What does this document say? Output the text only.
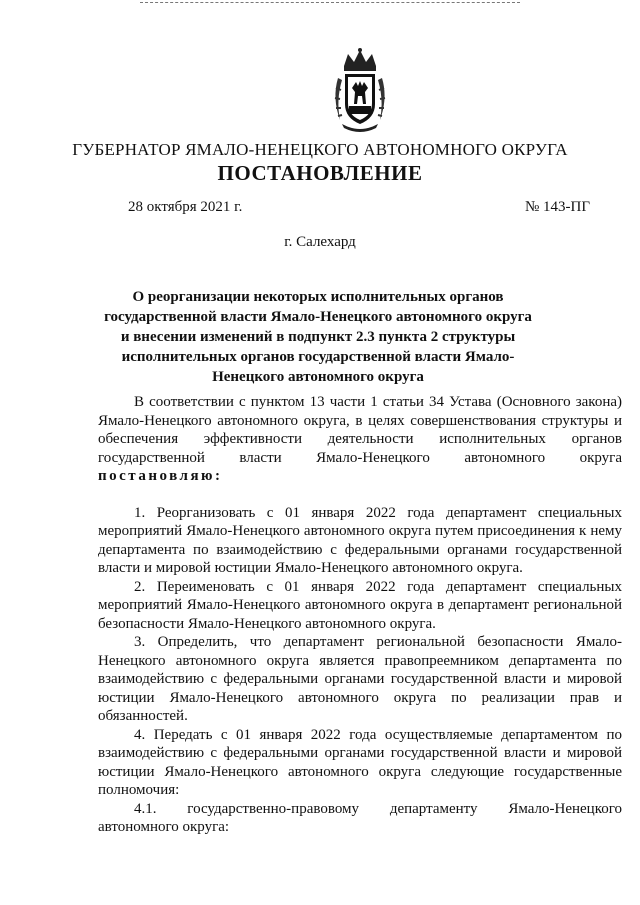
ГУБЕРНАТОР ЯМАЛО-НЕНЕЦКОГО АВТОНОМНОГО ОКРУГА
ПОСТАНОВЛЕНИЕ
28 октября 2021 г.	№ 143-ПГ
г. Салехард
О реорганизации некоторых исполнительных органов государственной власти Ямало-Ненецкого автономного округа и внесении изменений в подпункт 2.3 пункта 2 структуры исполнительных органов государственной власти Ямало-Ненецкого автономного округа

В соответствии с пунктом 13 части 1 статьи 34 Устава (Основного закона) Ямало-Ненецкого автономного округа, в целях совершенствования структуры и обеспечения эффективности деятельности исполнительных органов государственной власти Ямало-Ненецкого автономного округа постановляю:

1. Реорганизовать с 01 января 2022 года департамент специальных мероприятий Ямало-Ненецкого автономного округа путем присоединения к нему департамента по взаимодействию с федеральными органами государственной власти и мировой юстиции Ямало-Ненецкого автономного округа.

2. Переименовать с 01 января 2022 года департамент специальных мероприятий Ямало-Ненецкого автономного округа в департамент региональной безопасности Ямало-Ненецкого автономного округа.

3. Определить, что департамент региональной безопасности Ямало-Ненецкого автономного округа является правопреемником департамента по взаимодействию с федеральными органами государственной власти и мировой юстиции Ямало-Ненецкого автономного округа по реализации прав и обязанностей.

4. Передать с 01 января 2022 года осуществляемые департаментом по взаимодействию с федеральными органами государственной власти и мировой юстиции Ямало-Ненецкого автономного округа следующие государственные полномочия:

4.1. государственно-правовому департаменту Ямало-Ненецкого автономного округа:
